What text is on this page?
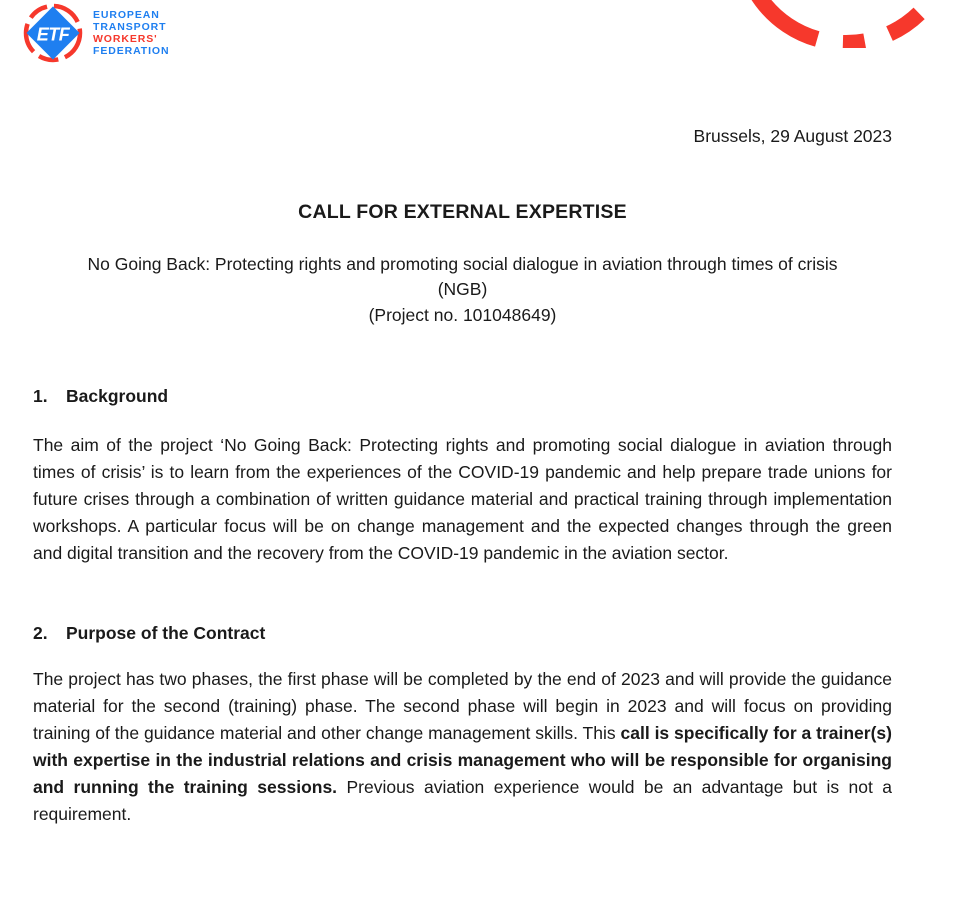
ETF
EUROPEAN
TRANSPORT
WORKERS'
FEDERATION
Brussels, 29 August 2023
CALL FOR EXTERNAL EXPERTISE
No Going Back: Protecting rights and promoting social dialogue in aviation through times of crisis
(NGB)
(Project no. 101048649)
1.	Background

The aim of the project ‘No Going Back: Protecting rights and promoting social dialogue in aviation through times of crisis’ is to learn from the experiences of the COVID-19 pandemic and help prepare trade unions for future crises through a combination of written guidance material and practical training through implementation workshops. A particular focus will be on change management and the expected changes through the green and digital transition and the recovery from the COVID-19 pandemic in the aviation sector.

2.	Purpose of the Contract

The project has two phases, the first phase will be completed by the end of 2023 and will provide the guidance material for the second (training) phase. The second phase will begin in 2023 and will focus on providing training of the guidance material and other change management skills. This call is specifically for a trainer(s) with expertise in the industrial relations and crisis management who will be responsible for organising and running the training sessions. Previous aviation experience would be an advantage but is not a requirement.
